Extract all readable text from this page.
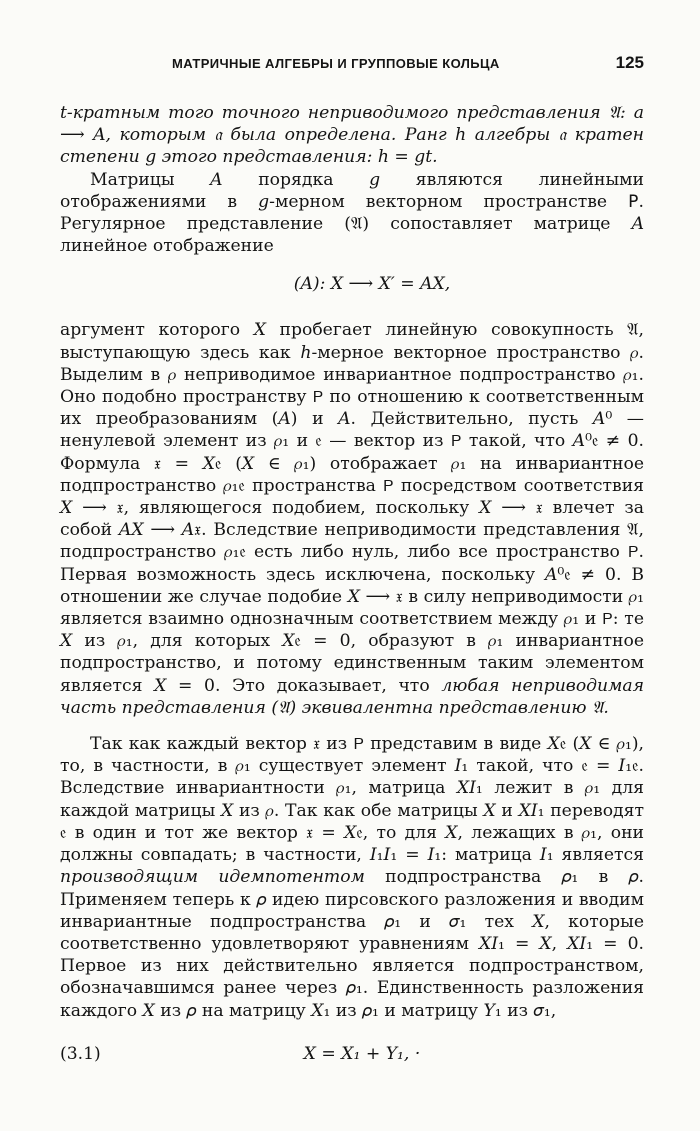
МАТРИЧНЫЕ АЛГЕБРЫ И ГРУППОВЫЕ КОЛЬЦА	125

𝑡-кратным того точного неприводимого представления 𝔄: 𝑎 ⟶ 𝐴, которым 𝔞 была определена. Ранг ℎ алгебры 𝔞 кратен степени 𝑔 этого представления: ℎ = 𝑔𝑡.

Матрицы 𝐴 порядка 𝑔 являются линейными отображениями в 𝑔-мерном векторном пространстве 𝖯. Регулярное представление (𝔄) сопоставляет матрице 𝐴 линейное отображение

(𝐴): 𝑋 ⟶ 𝑋′ = 𝐴𝑋,

аргумент которого 𝑋 пробегает линейную совокупность 𝔄, выступающую здесь как ℎ-мерное векторное пространство 𝜌. Выделим в 𝜌 неприводимое инвариантное подпространство 𝜌₁. Оно подобно пространству 𝖯 по отношению к соответственным их преобразованиям (𝐴) и 𝐴. Действительно, пусть 𝐴⁰ — ненулевой элемент из 𝜌₁ и 𝔢 — вектор из 𝖯 такой, что 𝐴⁰𝔢 ≠ 0. Формула 𝔵 = 𝑋𝔢 (𝑋 ∈ 𝜌₁) отображает 𝜌₁ на инвариантное подпространство 𝜌₁𝔢 пространства 𝖯 посредством соответствия 𝑋 ⟶ 𝔵, являющегося подобием, поскольку 𝑋 ⟶ 𝔵 влечет за собой 𝐴𝑋 ⟶ 𝐴𝔵. Вследствие неприводимости представления 𝔄, подпространство 𝜌₁𝔢 есть либо нуль, либо все пространство 𝖯. Первая возможность здесь исключена, поскольку 𝐴⁰𝔢 ≠ 0. В отношении же случае подобие 𝑋 ⟶ 𝔵 в силу неприводимости 𝜌₁ является взаимно однозначным соответствием между 𝜌₁ и 𝖯: те 𝑋 из 𝜌₁, для которых 𝑋𝔢 = 0, образуют в 𝜌₁ инвариантное подпространство, и потому единственным таким элементом является 𝑋 = 0. Это доказывает, что любая неприводимая часть представления (𝔄) эквивалентна представлению 𝔄.

Так как каждый вектор 𝔵 из 𝖯 представим в виде 𝑋𝔢 (𝑋 ∈ 𝜌₁), то, в частности, в 𝜌₁ существует элемент 𝐼₁ такой, что 𝔢 = 𝐼₁𝔢. Вследствие инвариантности 𝜌₁, матрица 𝑋𝐼₁ лежит в 𝜌₁ для каждой матрицы 𝑋 из 𝜌. Так как обе матрицы 𝑋 и 𝑋𝐼₁ переводят 𝔢 в один и тот же вектор 𝔵 = 𝑋𝔢, то для 𝑋, лежащих в 𝜌₁, они должны совпадать; в частности, 𝐼₁𝐼₁ = 𝐼₁: матрица 𝐼₁ является производящим идемпотентом подпространства 𝜌₁ в 𝜌. Применяем теперь к 𝜌 идею пирсовского разложения и вводим инвариантные подпространства 𝜌₁ и 𝜎₁ тех 𝑋, которые соответственно удовлетворяют уравнениям 𝑋𝐼₁ = 𝑋, 𝑋𝐼₁ = 0. Первое из них действительно является подпространством, обозначавшимся ранее через 𝜌₁. Единственность разложения каждого 𝑋 из 𝜌 на матрицу 𝑋₁ из 𝜌₁ и матрицу 𝑌₁ из 𝜎₁,

(3.1)	𝑋 = 𝑋₁ + 𝑌₁, ·
